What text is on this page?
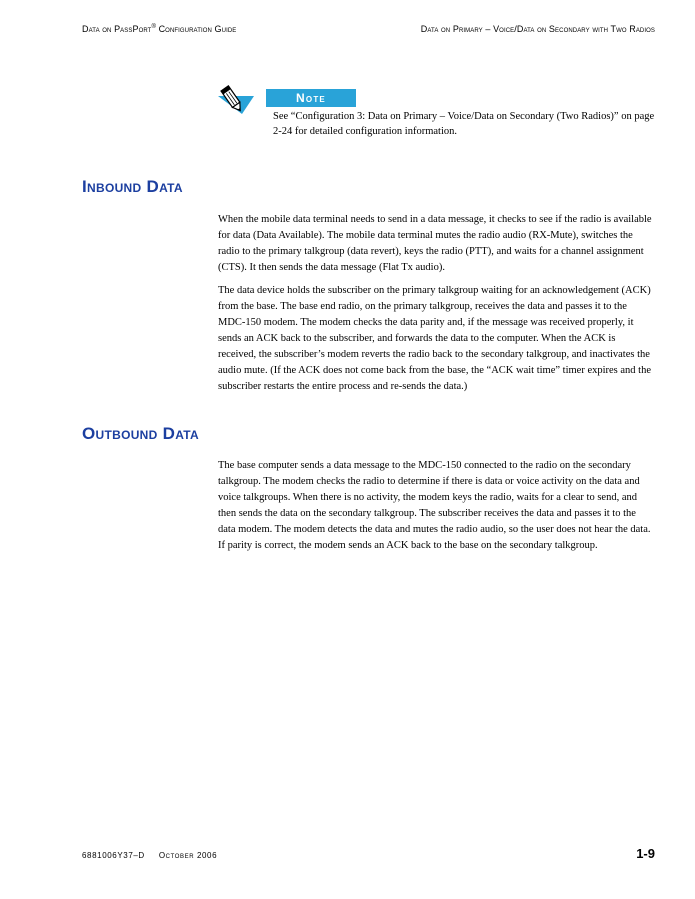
Data on PassPort® Configuration Guide	Data on Primary – Voice/Data on Secondary with Two Radios
Note
See “Configuration 3: Data on Primary – Voice/Data on Secondary (Two Radios)” on page 2-24 for detailed configuration information.
Inbound Data

When the mobile data terminal needs to send in a data message, it checks to see if the radio is available for data (Data Available). The mobile data terminal mutes the radio audio (RX-Mute), switches the radio to the primary talkgroup (data revert), keys the radio (PTT), and waits for a channel assignment (CTS). It then sends the data message (Flat Tx audio).

The data device holds the subscriber on the primary talkgroup waiting for an acknowledgement (ACK) from the base. The base end radio, on the primary talkgroup, receives the data and passes it to the MDC-150 modem. The modem checks the data parity and, if the message was received properly, it sends an ACK back to the subscriber, and forwards the data to the computer. When the ACK is received, the subscriber’s modem reverts the radio back to the secondary talkgroup, and inactivates the audio mute. (If the ACK does not come back from the base, the “ACK wait time” timer expires and the subscriber restarts the entire process and re-sends the data.)

Outbound Data

The base computer sends a data message to the MDC-150 connected to the radio on the secondary talkgroup. The modem checks the radio to determine if there is data or voice activity on the data and voice talkgroups. When there is no activity, the modem keys the radio, waits for a clear to send, and then sends the data on the secondary talkgroup. The subscriber receives the data and passes it to the data modem. The modem detects the data and mutes the radio audio, so the user does not hear the data. If parity is correct, the modem sends an ACK back to the base on the secondary talkgroup.

6881006Y37–D October 2006	1-9
